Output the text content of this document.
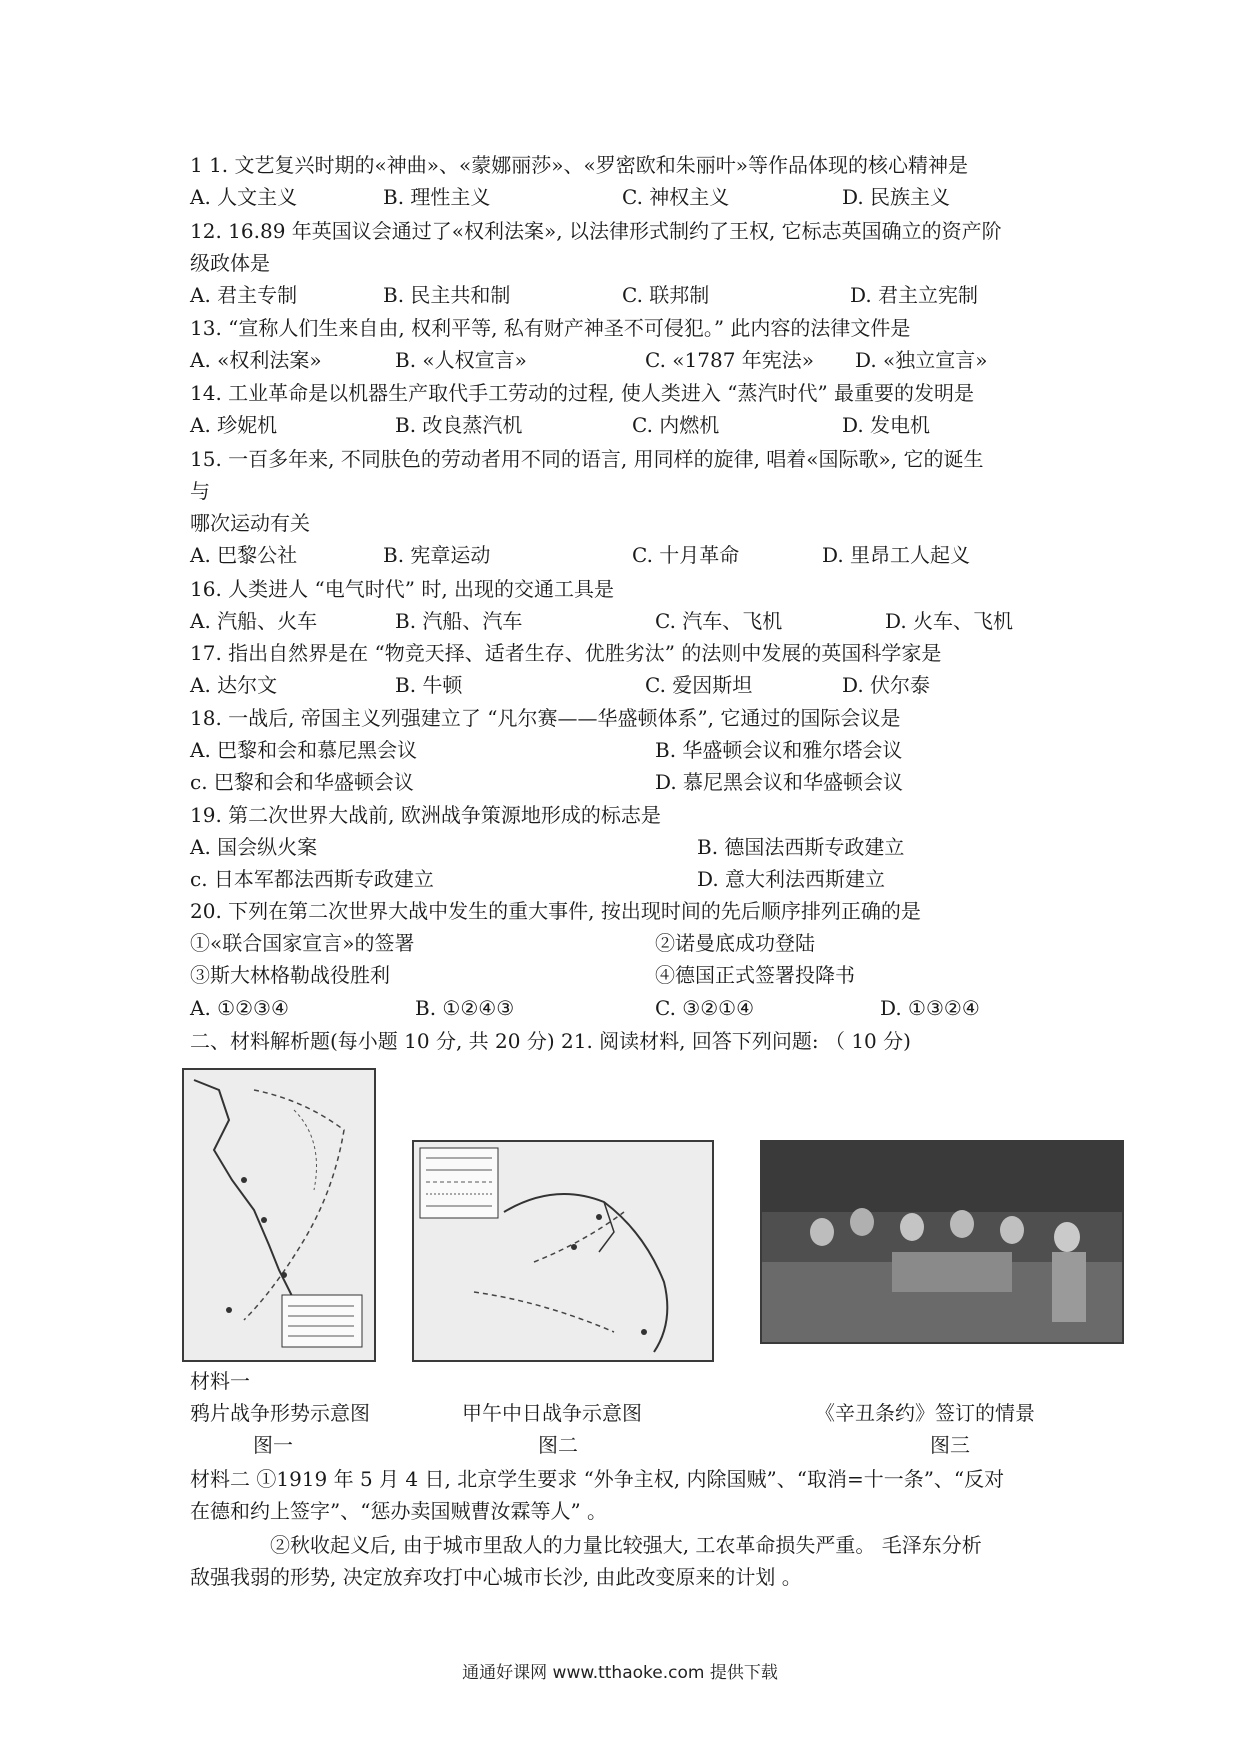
1 1. 文艺复兴时期的«神曲»、«蒙娜丽莎»、«罗密欧和朱丽叶»等作品体现的核心精神是
A. 人文主义	B. 理性主义	C. 神权主义	D. 民族主义
12. 16.89 年英国议会通过了«权利法案», 以法律形式制约了王权, 它标志英国确立的资产阶
级政体是
A. 君主专制	B. 民主共和制	C. 联邦制	D. 君主立宪制
13. “宣称人们生来自由, 权利平等, 私有财产神圣不可侵犯。” 此内容的法律文件是
A. «权利法案»	B. «人权宣言»	C. «1787 年宪法» D. «独立宣言»
14. 工业革命是以机器生产取代手工劳动的过程, 使人类进入 “蒸汽时代” 最重要的发明是
A. 珍妮机	B. 改良蒸汽机	C. 内燃机	D. 发电机
15. 一百多年来, 不同肤色的劳动者用不同的语言, 用同样的旋律, 唱着«国际歌», 它的诞生
与
哪次运动有关
A. 巴黎公社	B. 宪章运动	C. 十月革命	D. 里昂工人起义
16. 人类进人 “电气时代” 时, 出现的交通工具是
A. 汽船、火车	B. 汽船、汽车	C. 汽车、飞机	D. 火车、飞机
17. 指出自然界是在 “物竞天择、适者生存、优胜劣汰” 的法则中发展的英国科学家是
A. 达尔文	B. 牛顿	C. 爱因斯坦	D. 伏尔泰
18. 一战后, 帝国主义列强建立了 “凡尔赛——华盛顿体系”, 它通过的国际会议是
A. 巴黎和会和慕尼黑会议	B. 华盛顿会议和雅尔塔会议
c. 巴黎和会和华盛顿会议	D. 慕尼黑会议和华盛顿会议
19. 第二次世界大战前, 欧洲战争策源地形成的标志是
A. 国会纵火案	B. 德国法西斯专政建立
c. 日本军都法西斯专政建立	D. 意大利法西斯建立
20. 下列在第二次世界大战中发生的重大事件, 按出现时间的先后顺序排列正确的是
①«联合国家宣言»的签署	②诺曼底成功登陆
③斯大林格勒战役胜利	④德国正式签署投降书
A. ①②③④	B. ①②④③	C. ③②①④	D. ①③②④
二、材料解析题(每小题 10 分, 共 20 分) 21. 阅读材料, 回答下列问题: （ 10 分)
材料一
鸦片战争形势示意图	甲午中日战争示意图	《辛丑条约》签订的情景
图一	图二	图三
材料二 ①1919 年 5 月 4 日, 北京学生要求 “外争主权, 内除国贼”、“取消=十一条”、“反对
在德和约上签字”、“惩办卖国贼曹汝霖等人” 。
②秋收起义后, 由于城市里敌人的力量比较强大, 工农革命损失严重。 毛泽东分析
敌强我弱的形势, 决定放弃攻打中心城市长沙, 由此改变原来的计划 。
通通好课网 www.tthaoke.com 提供下载
